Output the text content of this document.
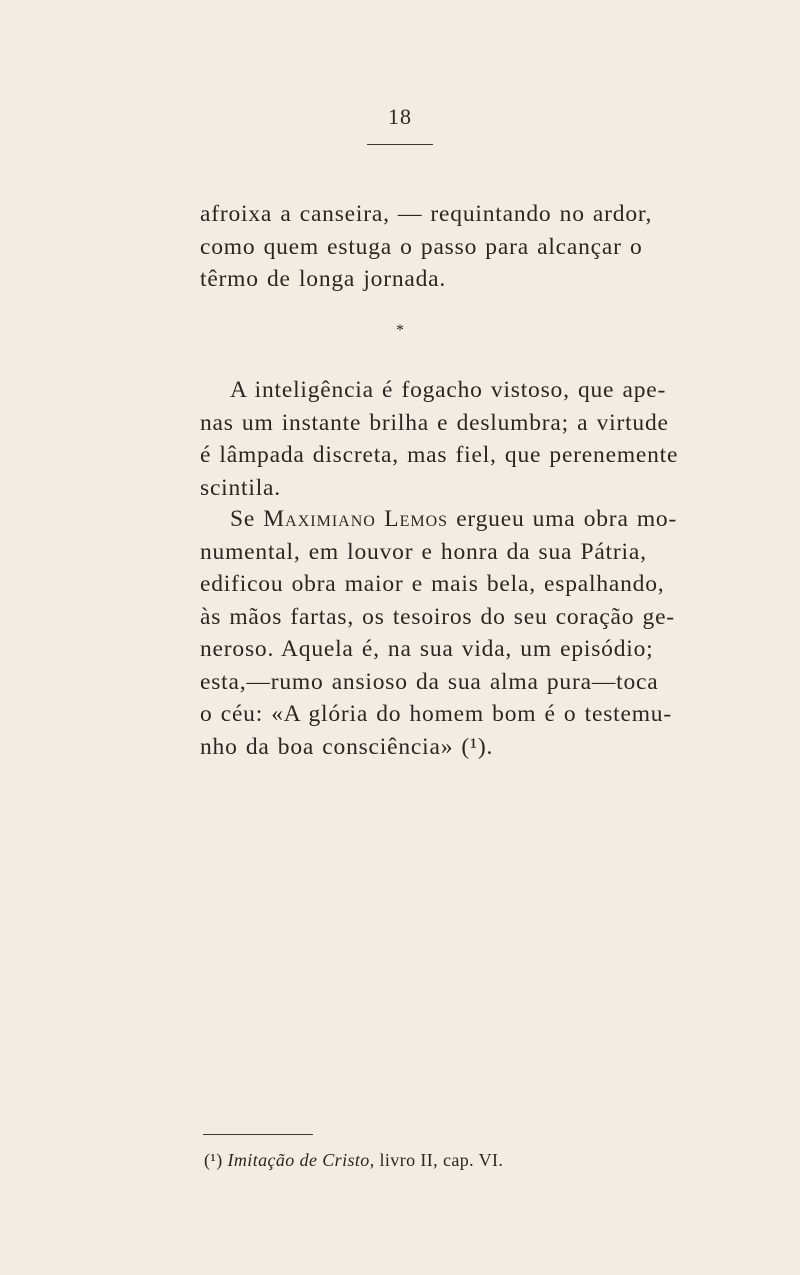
18
afroixa a canseira, — requintando no ardor,
como quem estuga o passo para alcançar o
têrmo de longa jornada.
*
A inteligência é fogacho vistoso, que ape-
nas um instante brilha e deslumbra; a virtude
é lâmpada discreta, mas fiel, que perenemente
scintila.
Se Maximiano Lemos ergueu uma obra mo-
numental, em louvor e honra da sua Pátria,
edificou obra maior e mais bela, espalhando,
às mãos fartas, os tesoiros do seu coração ge-
neroso. Aquela é, na sua vida, um episódio;
esta,—rumo ansioso da sua alma pura—toca
o céu: «A glória do homem bom é o testemu-
nho da boa consciência» (¹).
(¹) Imitação de Cristo, livro II, cap. VI.
